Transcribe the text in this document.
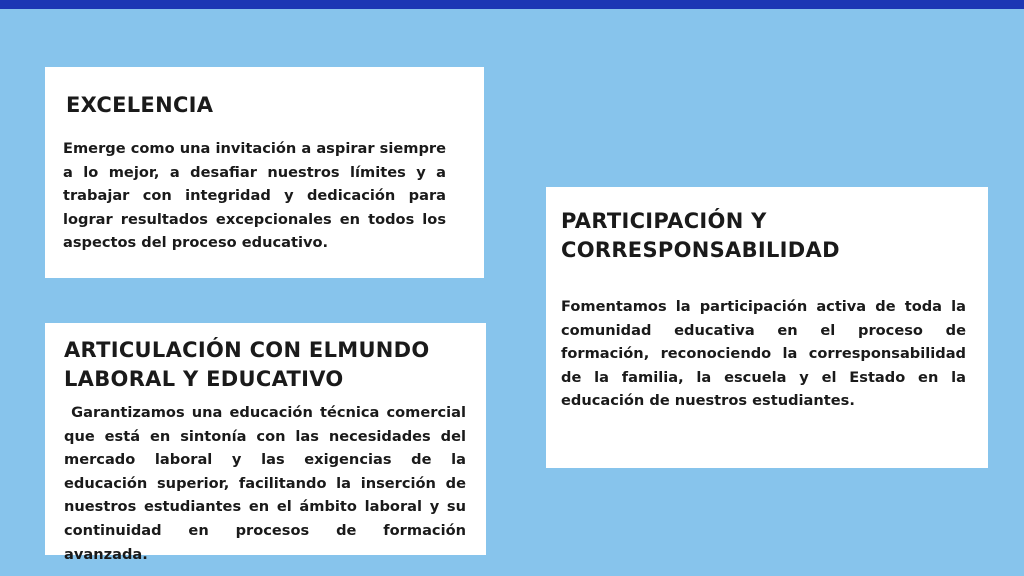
EXCELENCIA

Emerge como una invitación a aspirar siempre a lo mejor, a desafiar nuestros límites y a trabajar con integridad y dedicación para lograr resultados excepcionales en todos los aspectos del proceso educativo.

ARTICULACIÓN CON ELMUNDO LABORAL Y EDUCATIVO

Garantizamos una educación técnica comercial que está en sintonía con las necesidades del mercado laboral y las exigencias de la educación superior, facilitando la inserción de nuestros estudiantes en el ámbito laboral y su continuidad en procesos de formación avanzada.

PARTICIPACIÓN Y CORRESPONSABILIDAD

Fomentamos la participación activa de toda la comunidad educativa en el proceso de formación, reconociendo la corresponsabilidad de la familia, la escuela y el Estado en la educación de nuestros estudiantes.
